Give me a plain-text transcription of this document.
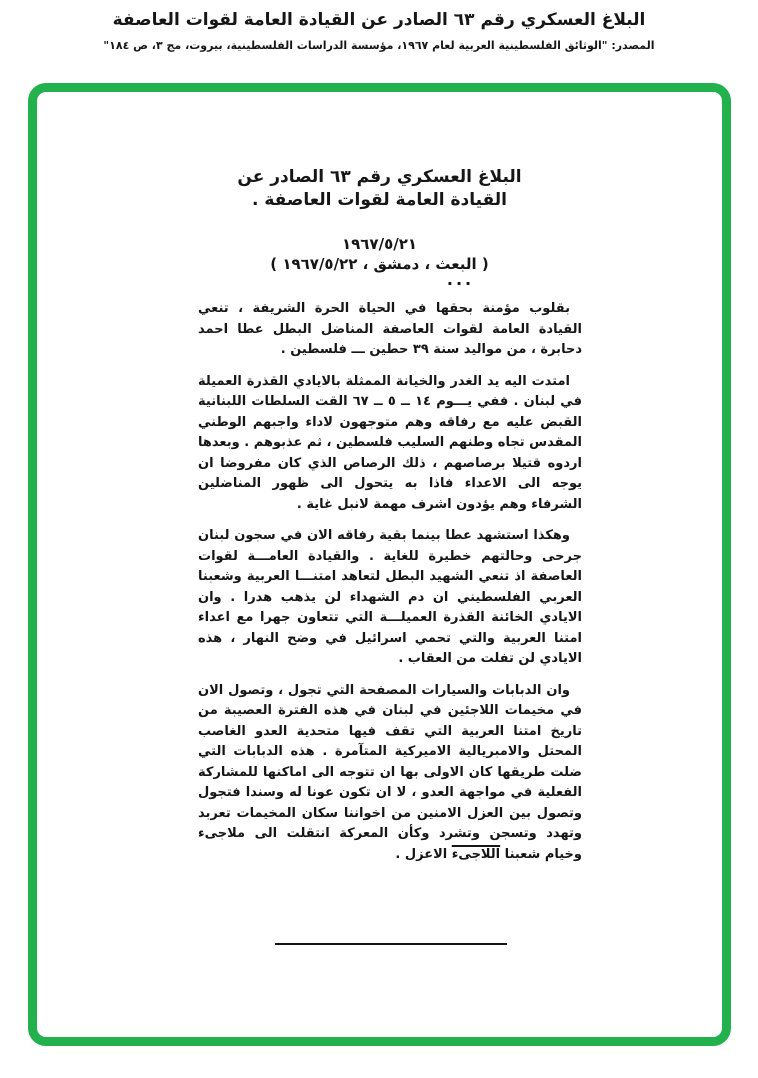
البلاغ العسكري رقم ٦٣ الصادر عن القيادة العامة لقوات العاصفة
المصدر: "الوثائق الفلسطينية العربية لعام ١٩٦٧، مؤسسة الدراسات الفلسطينية، بيروت، مج ٣، ص ١٨٤"
البلاغ العسكري رقم ٦٣ الصادر عن
القيادة العامة لقوات العاصفة .
١٩٦٧/٥/٢١
( البعث ، دمشق ، ١٩٦٧/٥/٢٢ )
...

بقلوب مؤمنة بحقها في الحياة الحرة الشريفة ، تنعي القيادة العامة لقوات العاصفة المناضل البطل عطا احمد دحابرة ، من مواليد سنة ٣٩ حطين ـــ فلسطين .

امتدت اليه يد الغدر والخيانة الممثلة بالايادي القذرة العميلة في لبنان . ففي يـــوم ١٤ ــ ٥ ــ ٦٧ القت السلطات اللبنانية القبض عليه مع رفاقه وهم متوجهون لاداء واجبهم الوطني المقدس تجاه وطنهم السليب فلسطين ، ثم عذبوهم . وبعدها اردوه قتيلا برصاصهم ، ذلك الرصاص الذي كان مفروضا ان يوجه الى الاعداء فاذا به يتحول الى ظهور المناضلين الشرفاء وهم يؤدون اشرف مهمة لانبل غاية .

وهكذا استشهد عطا بينما بقية رفاقه الان في سجون لبنان جرحى وحالتهم خطيرة للغاية . والقيادة العامـــة لقوات العاصفة اذ تنعي الشهيد البطل لتعاهد امتنـــا العربية وشعبنا العربي الفلسطيني ان دم الشهداء لن يذهب هدرا . وان الايادي الخائنة القذرة العميلـــة التي تتعاون جهرا مع اعداء امتنا العربية والتي تحمي اسرائيل في وضح النهار ، هذه الايادي لن تفلت من العقاب .

وان الدبابات والسيارات المصفحة التي تجول ، وتصول الان في مخيمات اللاجئين في لبنان في هذه الفترة العصيبة من تاريخ امتنا العربية التي تقف فيها متحدية العدو الغاصب المحتل والامبريالية الاميركية المتآمرة . هذه الدبابات التي ضلت طريقها كان الاولى بها ان تتوجه الى اماكنها للمشاركة الفعلية في مواجهة العدو ، لا ان تكون عونا له وسندا فتجول وتصول بين العزل الامنين من اخواننا سكان المخيمات تعربد وتهدد وتسجن وتشرد وكأن المعركة انتقلت الى ملاجىء وخيام شعبنا اللاجىء الاعزل .
